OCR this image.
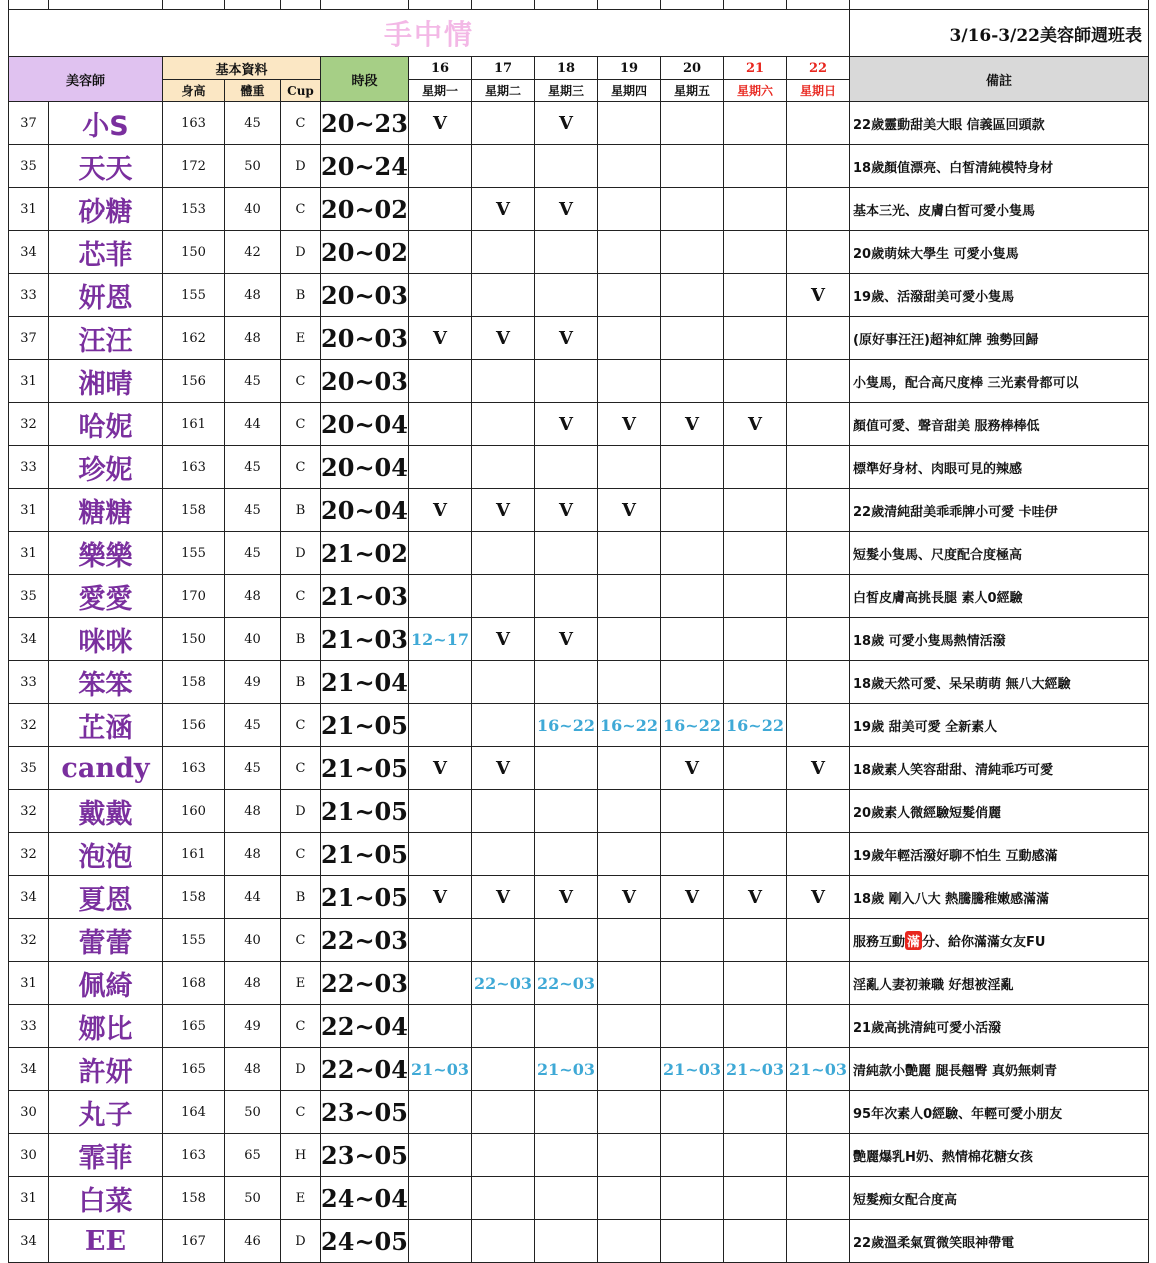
手中情													3/16-3/22美容師週班表
美容師		基本資料			時段	16	17	18	19	20	21	22	備註
		身高	體重	Cup		星期一	星期二	星期三	星期四	星期五	星期六	星期日	
37	小S	163	45	C	20~23	V		V					22歲靈動甜美大眼 信義區回頭款
35	天天	172	50	D	20~24								18歲顏值漂亮、白皙清純模特身材
31	砂糖	153	40	C	20~02		V	V					基本三光、皮膚白皙可愛小隻馬
34	芯菲	150	42	D	20~02								20歲萌妹大學生 可愛小隻馬
33	妍恩	155	48	B	20~03							V	19歲、活潑甜美可愛小隻馬
37	汪汪	162	48	E	20~03	V	V	V					(原好事汪汪)超神紅牌 強勢回歸
31	湘晴	156	45	C	20~03								小隻馬，配合高尺度棒 三光素骨都可以
32	哈妮	161	44	C	20~04			V	V	V	V		顏值可愛、聲音甜美 服務棒棒低
33	珍妮	163	45	C	20~04								標準好身材、肉眼可見的辣感
31	糖糖	158	45	B	20~04	V	V	V	V				22歲清純甜美乖乖牌小可愛 卡哇伊
31	樂樂	155	45	D	21~02								短髮小隻馬、尺度配合度極高
35	愛愛	170	48	C	21~03								白皙皮膚高挑長腿 素人0經驗
34	咪咪	150	40	B	21~03	12~17	V	V					18歲 可愛小隻馬熱情活潑
33	笨笨	158	49	B	21~04								18歲天然可愛、呆呆萌萌 無八大經驗
32	芷涵	156	45	C	21~05			16~22	16~22	16~22	16~22		19歲 甜美可愛 全新素人
35	candy	163	45	C	21~05	V	V			V		V	18歲素人笑容甜甜、清純乖巧可愛
32	戴戴	160	48	D	21~05								20歲素人微經驗短髮俏麗
32	泡泡	161	48	C	21~05								19歲年輕活潑好聊不怕生 互動感滿
34	夏恩	158	44	B	21~05	V	V	V	V	V	V	V	18歲 剛入八大 熱騰騰稚嫩感滿滿
32	蕾蕾	155	40	C	22~03								服務互動 滿 分、給你滿滿女友FU
31	佩綺	168	48	E	22~03		22~03	22~03					淫亂人妻初兼職 好想被淫亂
33	娜比	165	49	C	22~04								21歲高挑清純可愛小活潑
34	許妍	165	48	D	22~04	21~03		21~03		21~03	21~03	21~03	清純款小艷麗 腿長翹臀 真奶無刺青
30	丸子	164	50	C	23~05								95年次素人0經驗、年輕可愛小朋友
30	霏菲	163	65	H	23~05								艷麗爆乳H奶、熱情棉花糖女孩
31	白菜	158	50	E	24~04								短髮痴女配合度高
34	EE	167	46	D	24~05								22歲溫柔氣質微笑眼神帶電
